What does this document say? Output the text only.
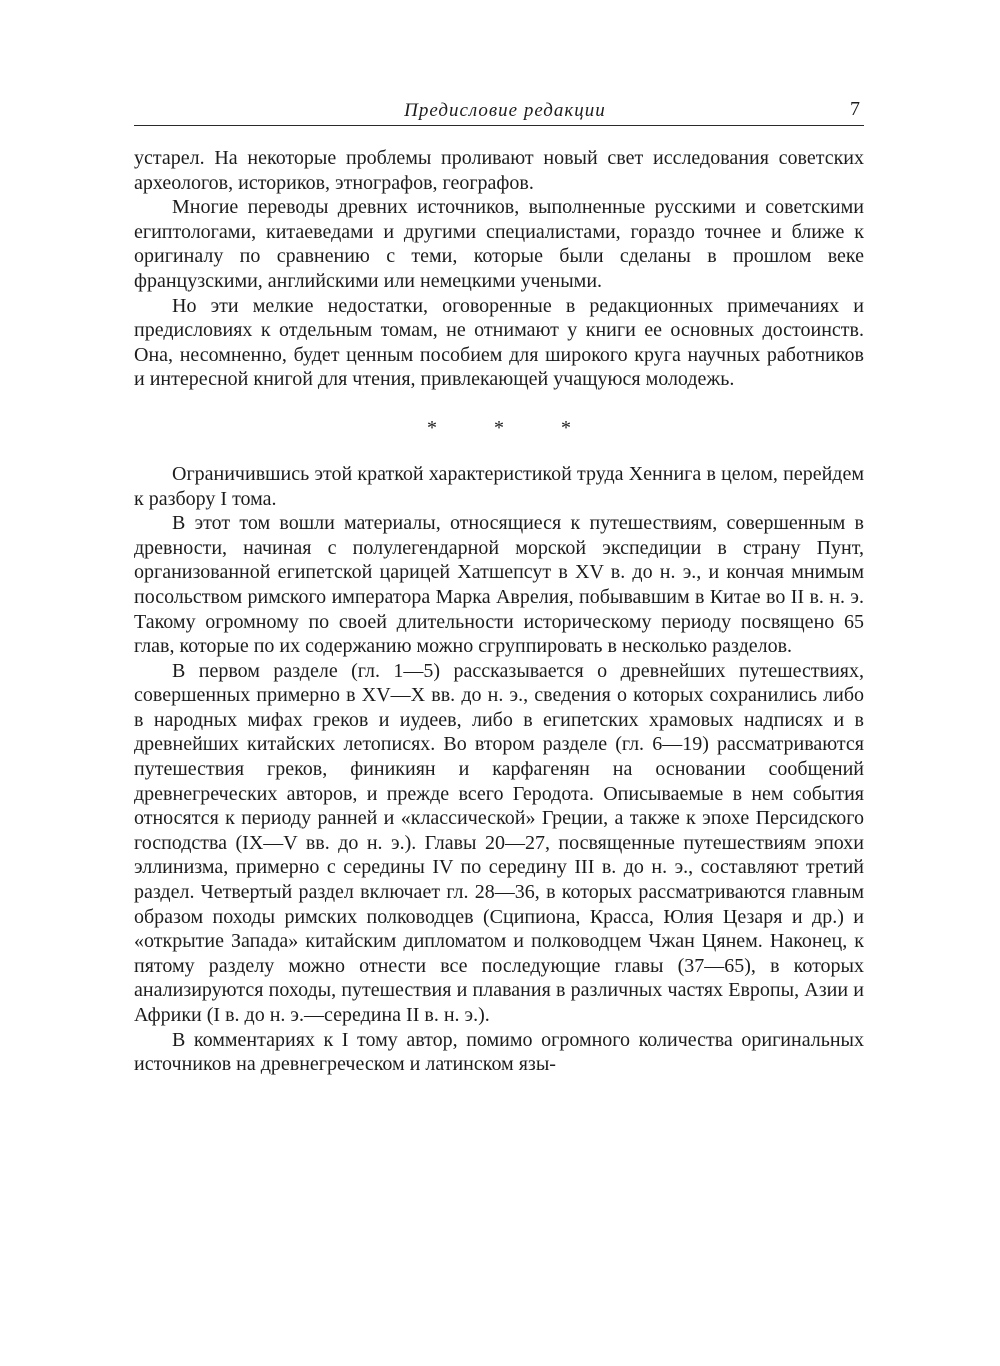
Предисловие редакции	7

устарел. На некоторые проблемы проливают новый свет исследования советских археологов, историков, этнографов, географов.

Многие переводы древних источников, выполненные русскими и советскими египтологами, китаеведами и другими специалистами, гораздо точнее и ближе к оригиналу по сравнению с теми, которые были сделаны в прошлом веке французскими, английскими или немецкими учеными.

Но эти мелкие недостатки, оговоренные в редакционных примечаниях и предисловиях к отдельным томам, не отнимают у книги ее основных достоинств. Она, несомненно, будет ценным пособием для широкого круга научных работников и интересной книгой для чтения, привлекающей учащуюся молодежь.

* * *

Ограничившись этой краткой характеристикой труда Хеннига в целом, перейдем к разбору I тома.

В этот том вошли материалы, относящиеся к путешествиям, совершенным в древности, начиная с полулегендарной морской экспедиции в страну Пунт, организованной египетской царицей Хатшепсут в XV в. до н. э., и кончая мнимым посольством римского императора Марка Аврелия, побывавшим в Китае во II в. н. э. Такому огромному по своей длительности историческому периоду посвящено 65 глав, которые по их содержанию можно сгруппировать в несколько разделов.

В первом разделе (гл. 1—5) рассказывается о древнейших путешествиях, совершенных примерно в XV—X вв. до н. э., сведения о которых сохранились либо в народных мифах греков и иудеев, либо в египетских храмовых надписях и в древнейших китайских летописях. Во втором разделе (гл. 6—19) рассматриваются путешествия греков, финикиян и карфагенян на основании сообщений древнегреческих авторов, и прежде всего Геродота. Описываемые в нем события относятся к периоду ранней и «классической» Греции, а также к эпохе Персидского господства (IX—V вв. до н. э.). Главы 20—27, посвященные путешествиям эпохи эллинизма, примерно с середины IV по середину III в. до н. э., составляют третий раздел. Четвертый раздел включает гл. 28—36, в которых рассматриваются главным образом походы римских полководцев (Сципиона, Красса, Юлия Цезаря и др.) и «открытие Запада» китайским дипломатом и полководцем Чжан Цянем. Наконец, к пятому разделу можно отнести все последующие главы (37—65), в которых анализируются походы, путешествия и плавания в различных частях Европы, Азии и Африки (I в. до н. э.—середина II в. н. э.).

В комментариях к I тому автор, помимо огромного количества оригинальных источников на древнегреческом и латинском язы-
